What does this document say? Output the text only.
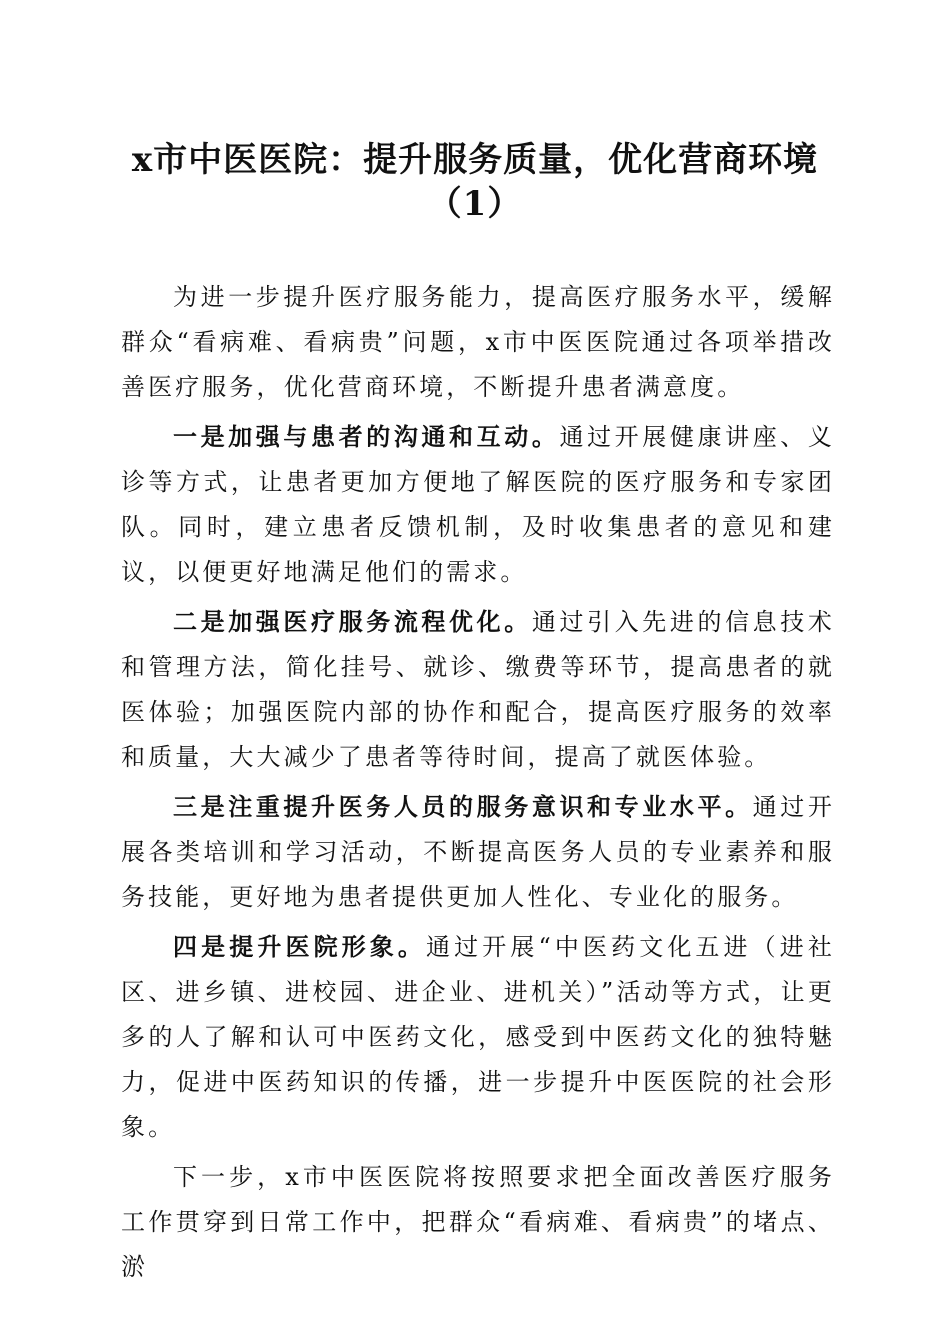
x市中医医院：提升服务质量，优化营商环境
（1）

为进一步提升医疗服务能力，提高医疗服务水平，缓解群众“看病难、看病贵”问题，x市中医医院通过各项举措改善医疗服务，优化营商环境，不断提升患者满意度。

一是加强与患者的沟通和互动。通过开展健康讲座、义诊等方式，让患者更加方便地了解医院的医疗服务和专家团队。同时，建立患者反馈机制，及时收集患者的意见和建议，以便更好地满足他们的需求。

二是加强医疗服务流程优化。通过引入先进的信息技术和管理方法，简化挂号、就诊、缴费等环节，提高患者的就医体验；加强医院内部的协作和配合，提高医疗服务的效率和质量，大大减少了患者等待时间，提高了就医体验。

三是注重提升医务人员的服务意识和专业水平。通过开展各类培训和学习活动，不断提高医务人员的专业素养和服务技能，更好地为患者提供更加人性化、专业化的服务。

四是提升医院形象。通过开展“中医药文化五进（进社区、进乡镇、进校园、进企业、进机关）”活动等方式，让更多的人了解和认可中医药文化，感受到中医药文化的独特魅力，促进中医药知识的传播，进一步提升中医医院的社会形象。

下一步，x市中医医院将按照要求把全面改善医疗服务工作贯穿到日常工作中，把群众“看病难、看病贵”的堵点、淤
